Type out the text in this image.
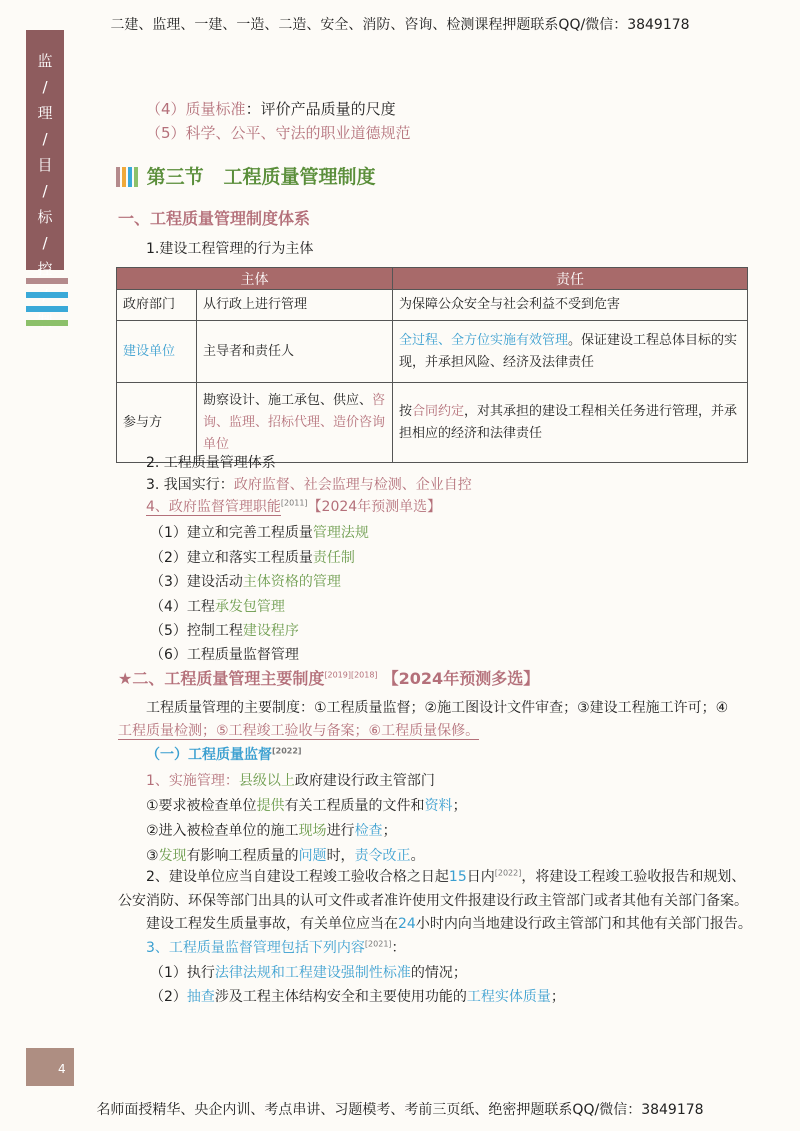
二建、监理、一建、一造、二造、安全、消防、咨询、检测课程押题联系QQ/微信：3849178
名师面授精华、央企内训、考点串讲、习题模考、考前三页纸、绝密押题联系QQ/微信：3849178
监
/
理
/
目
/
标
/
控
（4）质量标准：评价产品质量的尺度
（5）科学、公平、守法的职业道德规范
第三节 工程质量管理制度
一、工程质量管理制度体系
1.建设工程管理的行为主体
主体		责任
政府部门	从行政上进行管理	为保障公众安全与社会利益不受到危害
建设单位	主导者和责任人	全过程、全方位实施有效管理。保证建设工程总体目标的实现，并承担风险、经济及法律责任
参与方	勘察设计、施工承包、供应、咨询、监理、招标代理、造价咨询单位	按合同约定，对其承担的建设工程相关任务进行管理，并承担相应的经济和法律责任
2. 工程质量管理体系
3. 我国实行：政府监督、社会监理与检测、企业自控
4、政府监督管理职能[2011]【2024年预测单选】
（1）建立和完善工程质量管理法规
（2）建立和落实工程质量责任制
（3）建设活动主体资格的管理
（4）工程承发包管理
（5）控制工程建设程序
（6）工程质量监督管理
★二、工程质量管理主要制度[2019][2018] 【2024年预测多选】
工程质量管理的主要制度：①工程质量监督；②施工图设计文件审查；③建设工程施工许可；④
工程质量检测；⑤工程竣工验收与备案；⑥工程质量保修。
（一）工程质量监督[2022]
1、实施管理：县级以上政府建设行政主管部门
①要求被检查单位提供有关工程质量的文件和资料；
②进入被检查单位的施工现场进行检查；
③发现有影响工程质量的问题时，责令改正。
2、建设单位应当自建设工程竣工验收合格之日起15日内[2022]，将建设工程竣工验收报告和规划、
公安消防、环保等部门出具的认可文件或者准许使用文件报建设行政主管部门或者其他有关部门备案。
建设工程发生质量事故，有关单位应当在24小时内向当地建设行政主管部门和其他有关部门报告。
3、工程质量监督管理包括下列内容[2021]：
（1）执行法律法规和工程建设强制性标准的情况；
（2）抽查涉及工程主体结构安全和主要使用功能的工程实体质量；
4
